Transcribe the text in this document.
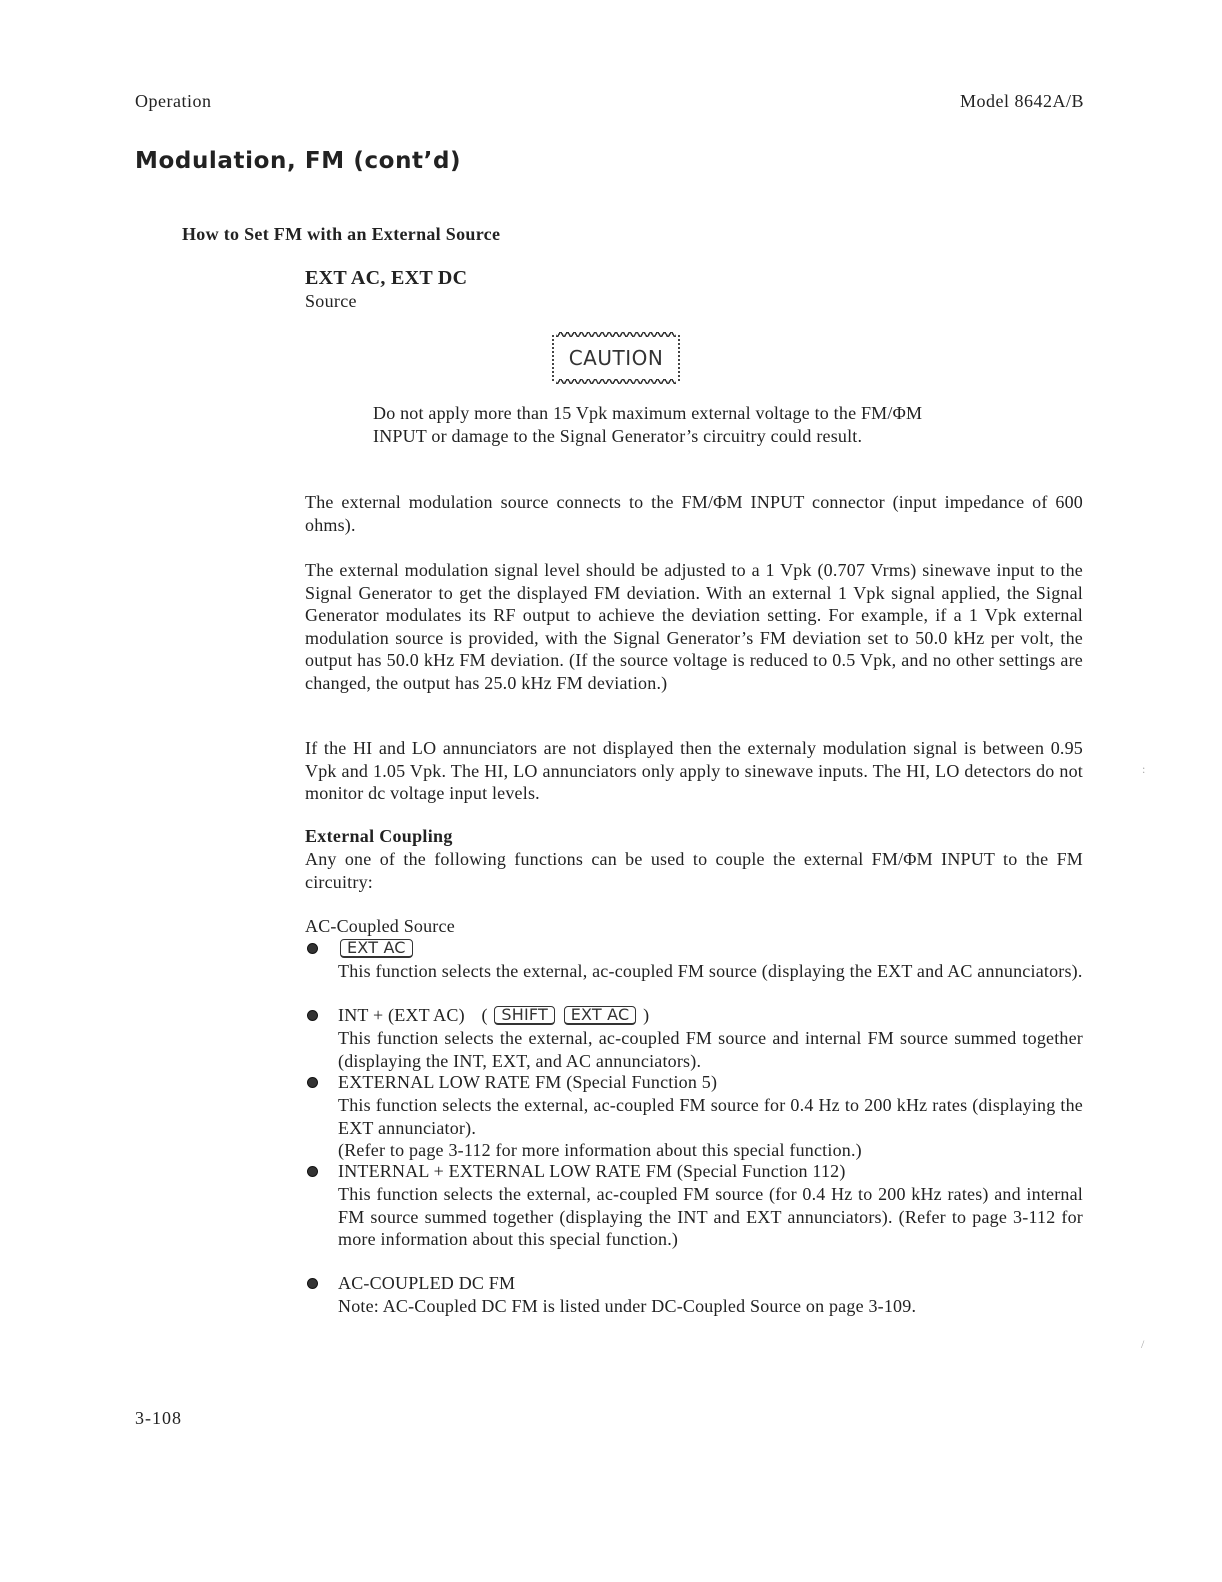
Operation	Model 8642A/B
Modulation, FM (cont’d)
How to Set FM with an External Source
EXT AC, EXT DC
Source
CAUTION
Do not apply more than 15 Vpk maximum external voltage to the FM/ΦM INPUT or damage to the Signal Generator’s circuitry could result.
The external modulation source connects to the FM/ΦM INPUT connector (input impedance of 600 ohms).
The external modulation signal level should be adjusted to a 1 Vpk (0.707 Vrms) sinewave input to the Signal Generator to get the displayed FM deviation. With an external 1 Vpk signal applied, the Signal Generator modulates its RF output to achieve the deviation setting. For example, if a 1 Vpk external modulation source is provided, with the Signal Generator’s FM deviation set to 50.0 kHz per volt, the output has 50.0 kHz FM deviation. (If the source voltage is reduced to 0.5 Vpk, and no other settings are changed, the output has 25.0 kHz FM deviation.)
If the HI and LO annunciators are not displayed then the externaly modulation signal is between 0.95 Vpk and 1.05 Vpk. The HI, LO annunciators only apply to sinewave inputs. The HI, LO detectors do not monitor dc voltage input levels.
External Coupling
Any one of the following functions can be used to couple the external FM/ΦM INPUT to the FM circuitry:
AC-Coupled Source
EXT AC
This function selects the external, ac-coupled FM source (displaying the EXT and AC annunciators).
INT + (EXT AC) ( SHIFT EXT AC )
This function selects the external, ac-coupled FM source and internal FM source summed together (displaying the INT, EXT, and AC annunciators).
EXTERNAL LOW RATE FM (Special Function 5)
This function selects the external, ac-coupled FM source for 0.4 Hz to 200 kHz rates (displaying the EXT annunciator).
(Refer to page 3-112 for more information about this special function.)
INTERNAL + EXTERNAL LOW RATE FM (Special Function 112)
This function selects the external, ac-coupled FM source (for 0.4 Hz to 200 kHz rates) and internal FM source summed together (displaying the INT and EXT annunciators). (Refer to page 3-112 for more information about this special function.)
AC-COUPLED DC FM
Note: AC-Coupled DC FM is listed under DC-Coupled Source on page 3-109.
:
/
3-108
